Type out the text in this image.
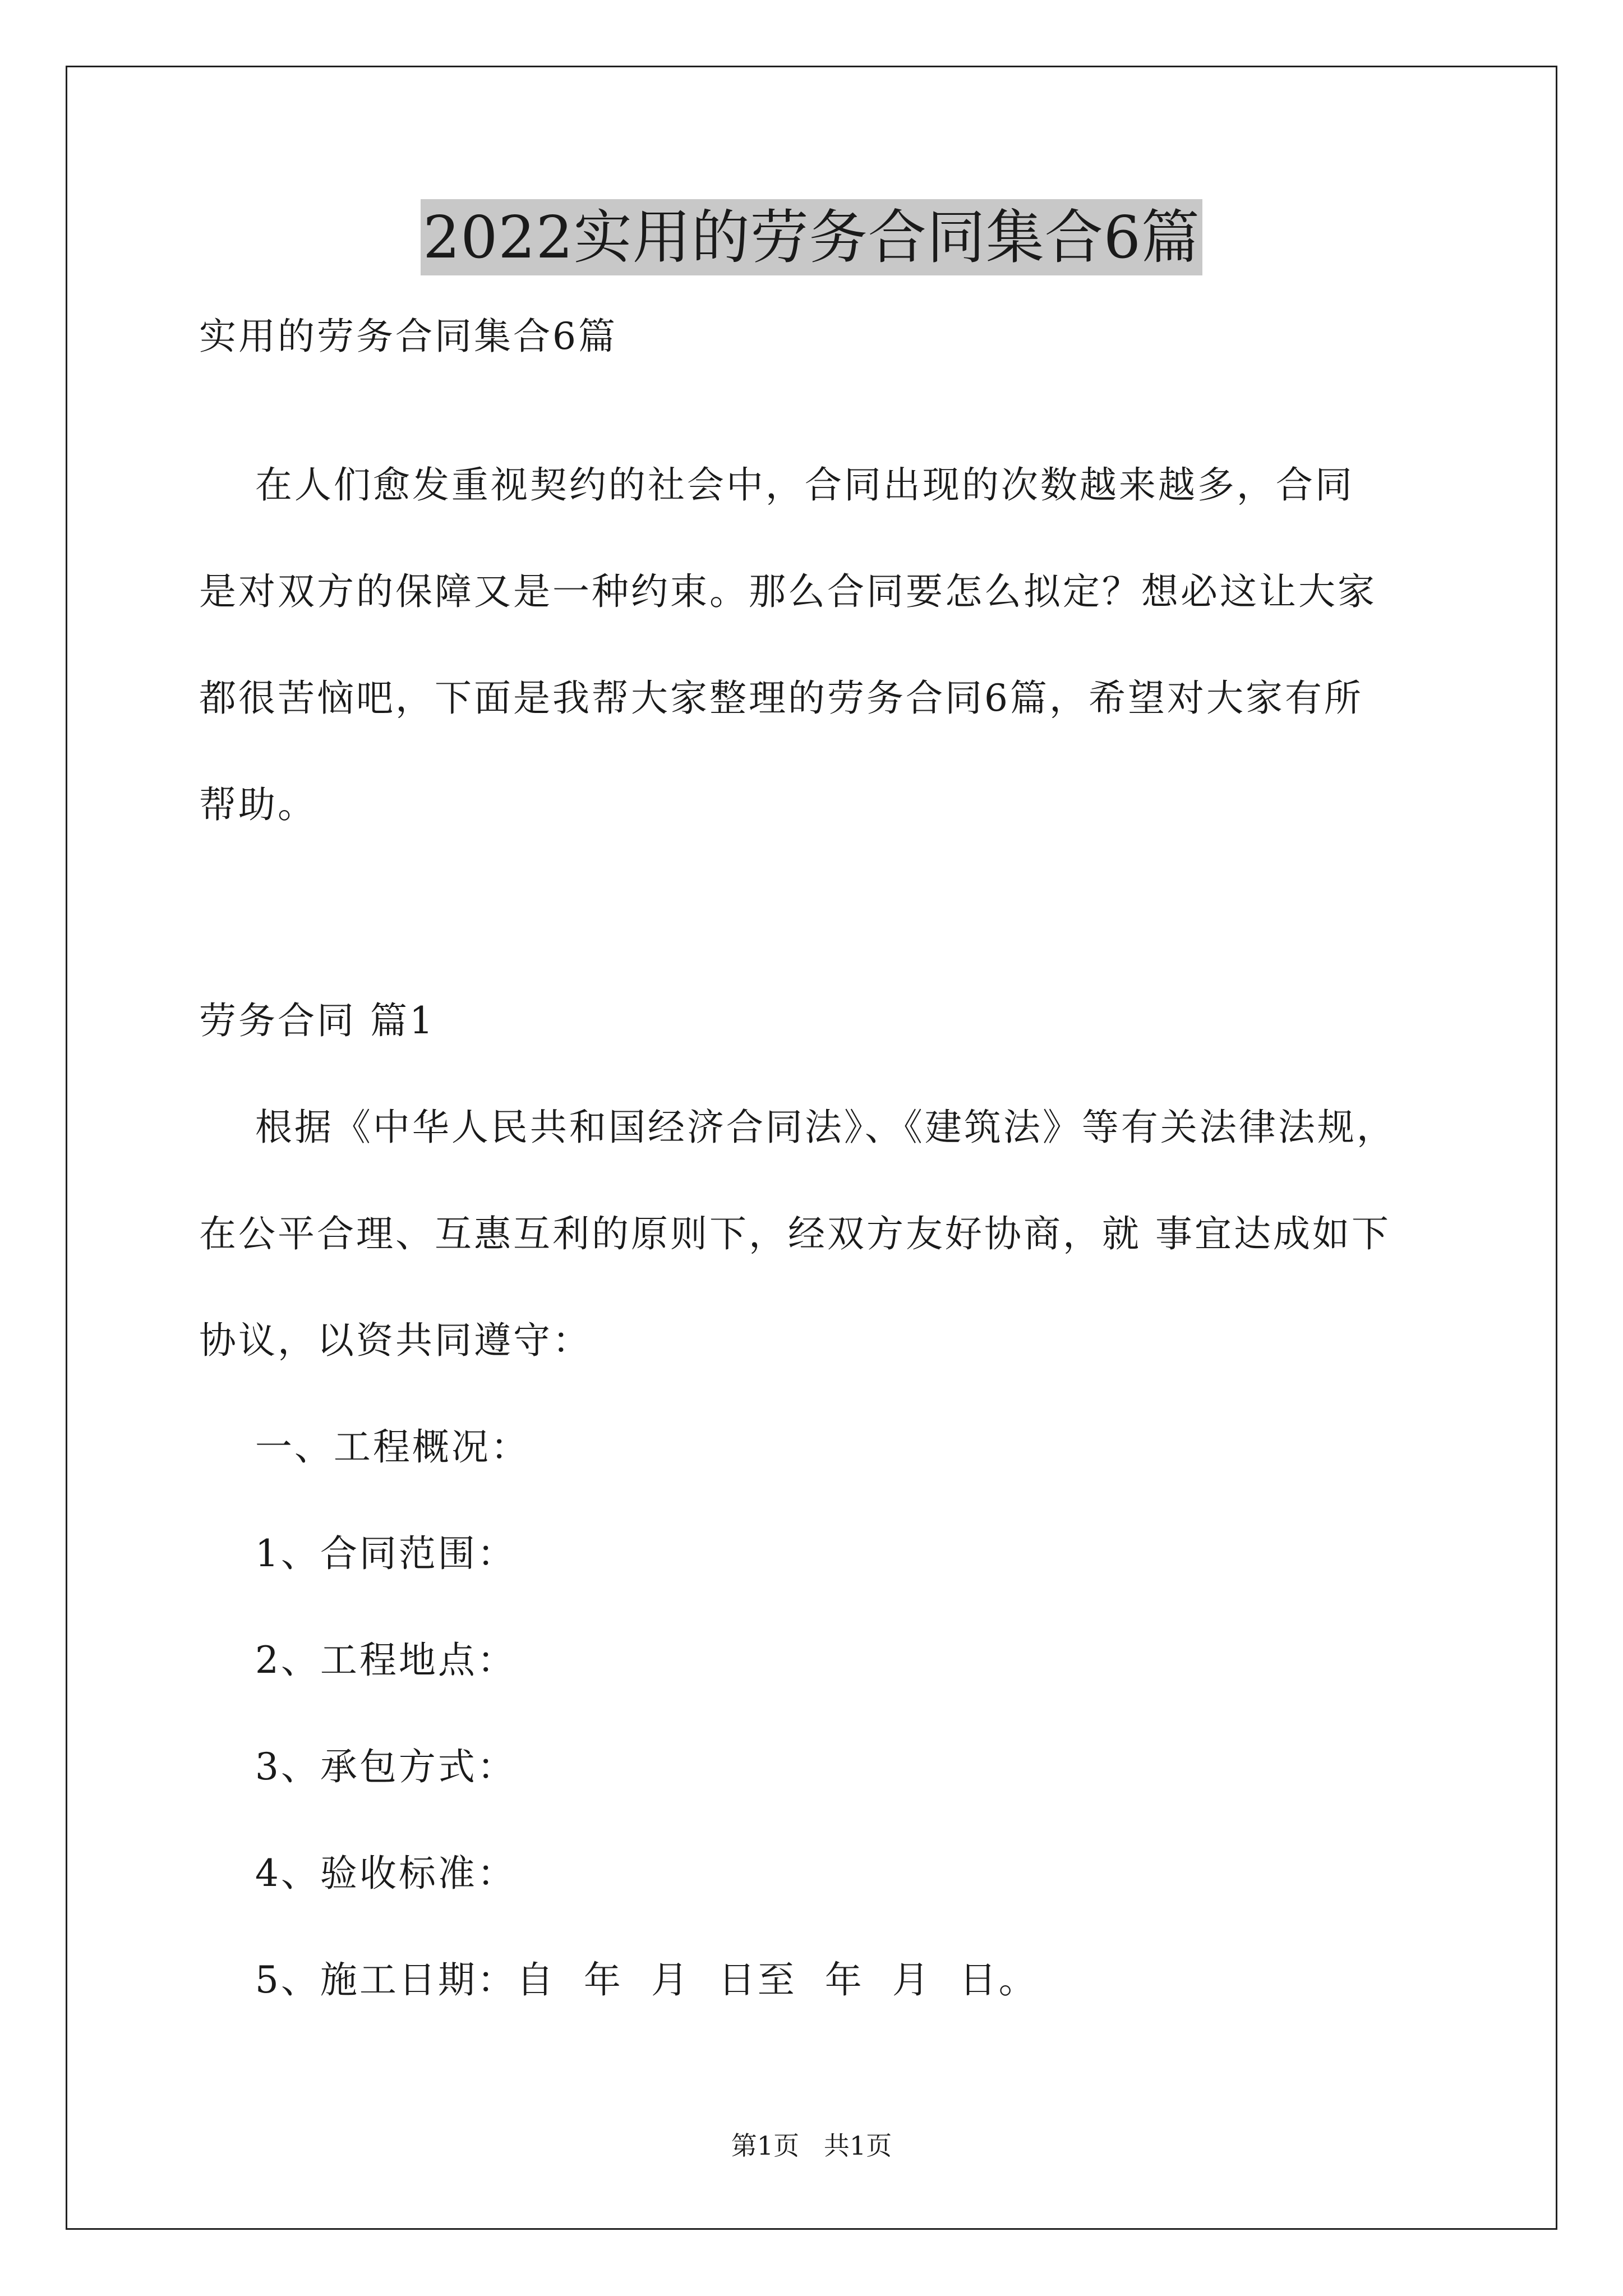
2022实用的劳务合同集合6篇
实用的劳务合同集合6篇
在人们愈发重视契约的社会中，合同出现的次数越来越多，合同
是对双方的保障又是一种约束。那么合同要怎么拟定？想必这让大家
都很苦恼吧，下面是我帮大家整理的劳务合同6篇，希望对大家有所
帮助。
劳务合同 篇1
根据《中华人民共和国经济合同法》、《建筑法》等有关法律法规，
在公平合理、互惠互利的原则下，经双方友好协商，就 事宜达成如下
协议，以资共同遵守：
一、工程概况：
1、合同范围：
2、工程地点：
3、承包方式：
4、验收标准：
5、施工日期：自  年  月  日至  年  月  日。
第1页   共1页
